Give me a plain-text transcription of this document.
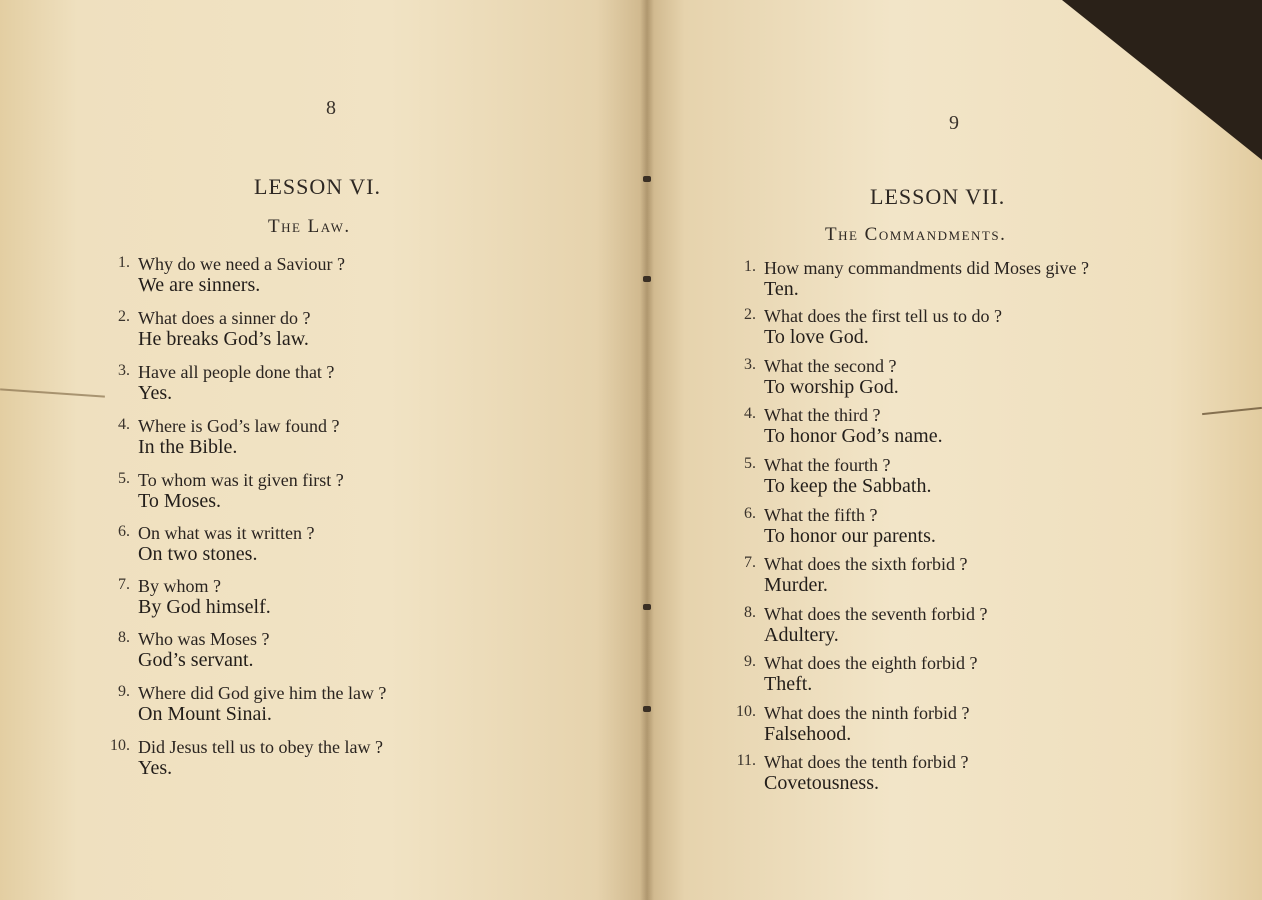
8
LESSON VI.
The Law.
1. Why do we need a Saviour ?
We are sinners.
2. What does a sinner do ?
He breaks God’s law.
3. Have all people done that ?
Yes.
4. Where is God’s law found ?
In the Bible.
5. To whom was it given first ?
To Moses.
6. On what was it written ?
On two stones.
7. By whom ?
By God himself.
8. Who was Moses ?
God’s servant.
9. Where did God give him the law ?
On Mount Sinai.
10. Did Jesus tell us to obey the law ?
Yes.
9
LESSON VII.
The Commandments.
1. How many commandments did Moses give ?
Ten.
2. What does the first tell us to do ?
To love God.
3. What the second ?
To worship God.
4. What the third ?
To honor God’s name.
5. What the fourth ?
To keep the Sabbath.
6. What the fifth ?
To honor our parents.
7. What does the sixth forbid ?
Murder.
8. What does the seventh forbid ?
Adultery.
9. What does the eighth forbid ?
Theft.
10. What does the ninth forbid ?
Falsehood.
11. What does the tenth forbid ?
Covetousness.
